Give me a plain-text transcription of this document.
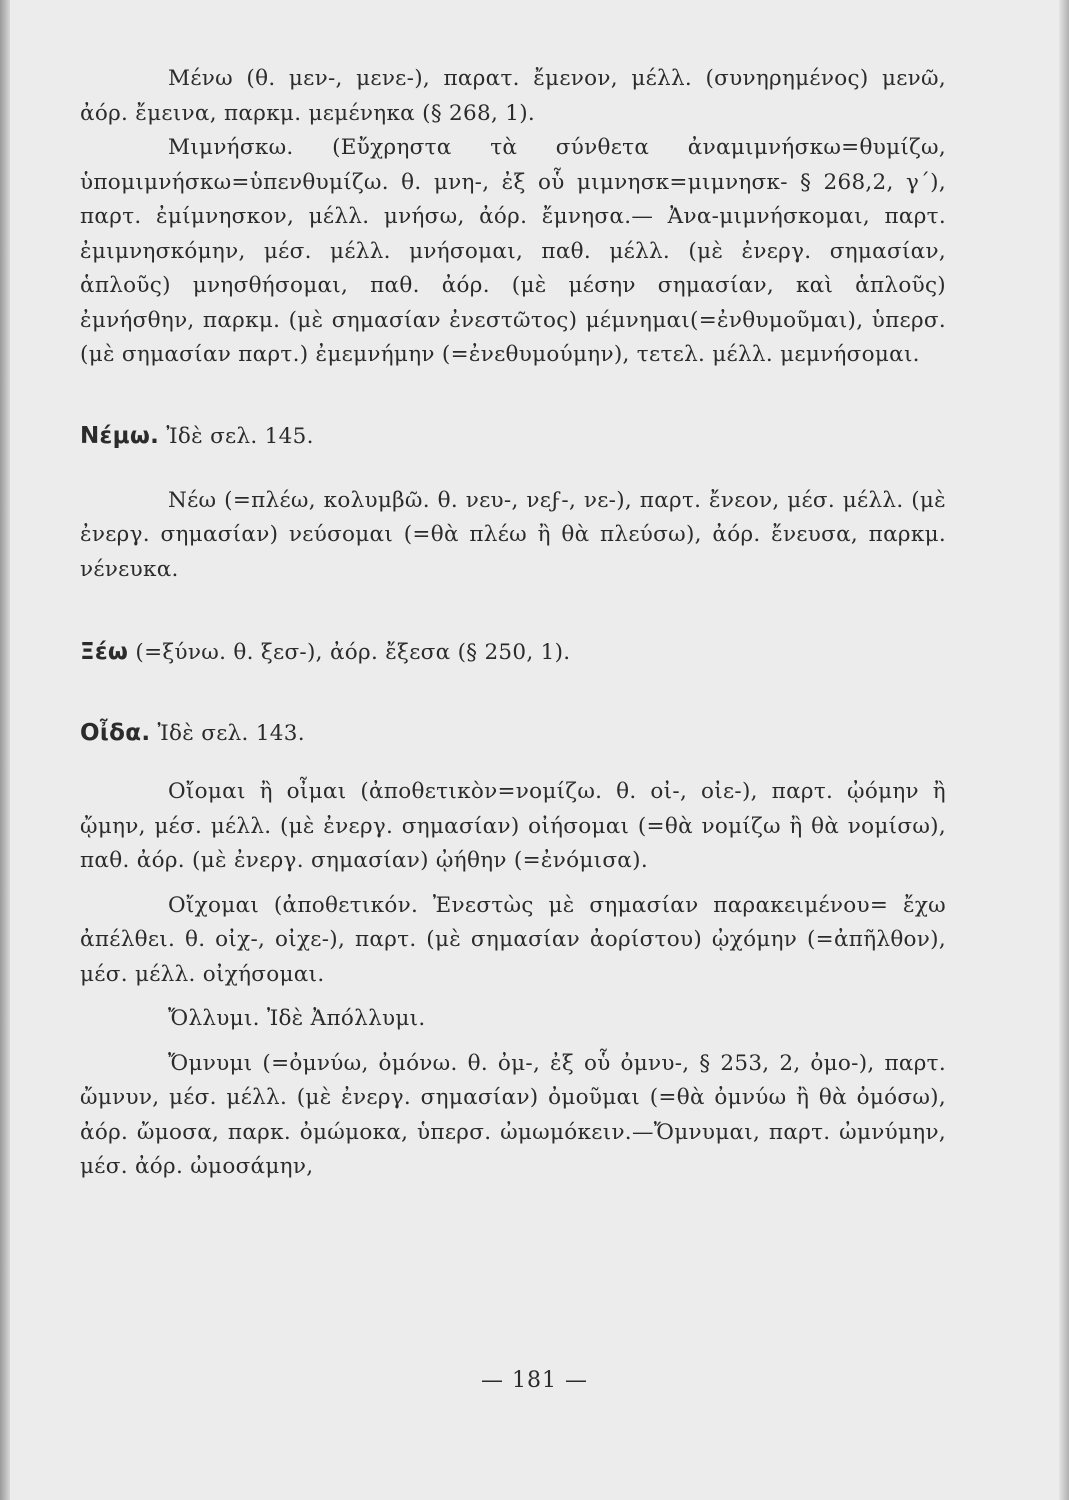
Μένω (θ. μεν-, μενε-), παρατ. ἔμενον, μέλλ. (συνηρημένος) μενῶ, ἀόρ. ἔμεινα, παρκμ. μεμένηκα (§ 268, 1).

Μιμνήσκω. (Εὔχρηστα τὰ σύνθετα ἀναμιμνήσκω=θυμίζω, ὑπομιμνήσκω=ὑπενθυμίζω. θ. μνη-, ἐξ οὗ μιμνησκ=μιμνησκ- § 268,2, γ΄), παρτ. ἐμίμνησκον, μέλλ. μνήσω, ἀόρ. ἔμνησα.— Ἀνα-μιμνήσκομαι, παρτ. ἐμιμνησκόμην, μέσ. μέλλ. μνήσομαι, παθ. μέλλ. (μὲ ἐνεργ. σημασίαν, ἁπλοῦς) μνησθήσομαι, παθ. ἀόρ. (μὲ μέσην σημασίαν, καὶ ἁπλοῦς) ἐμνήσθην, παρκμ. (μὲ σημασίαν ἐνεστῶτος) μέμνημαι(=ἐνθυμοῦμαι), ὑπερσ.(μὲ σημασίαν παρτ.) ἐμεμνήμην (=ἐνεθυμούμην), τετελ. μέλλ. μεμνήσομαι.

Νέμω. Ἰδὲ σελ. 145.

Νέω (=πλέω, κολυμβῶ. θ. νευ-, νεϝ-, νε-), παρτ. ἔνεον, μέσ. μέλλ. (μὲ ἐνεργ. σημασίαν) νεύσομαι (=θὰ πλέω ἢ θὰ πλεύσω), ἀόρ. ἔνευσα, παρκμ. νένευκα.

Ξέω (=ξύνω. θ. ξεσ-), ἀόρ. ἔξεσα (§ 250, 1).

Οἶδα. Ἰδὲ σελ. 143.

Οἴομαι ἢ οἶμαι (ἀποθετικὸν=νομίζω. θ. οἰ-, οἰε-), παρτ. ᾠόμην ἢ ᾤμην, μέσ. μέλλ. (μὲ ἐνεργ. σημασίαν) οἰήσομαι (=θὰ νομίζω ἢ θὰ νομίσω), παθ. ἀόρ. (μὲ ἐνεργ. σημασίαν) ᾠήθην (=ἐνόμισα).

Οἴχομαι (ἀποθετικόν. Ἐνεστὼς μὲ σημασίαν παρακειμένου= ἔχω ἀπέλθει. θ. οἰχ-, οἰχε-), παρτ. (μὲ σημασίαν ἀορίστου) ᾠχόμην (=ἀπῆλθον), μέσ. μέλλ. οἰχήσομαι.

Ὄλλυμι. Ἰδὲ Ἀπόλλυμι.

Ὄμνυμι (=ὀμνύω, ὀμόνω. θ. ὀμ-, ἐξ οὗ ὀμνυ-, § 253, 2, ὀμο-), παρτ. ὤμνυν, μέσ. μέλλ. (μὲ ἐνεργ. σημασίαν) ὀμοῦμαι (=θὰ ὀμνύω ἢ θὰ ὀμόσω), ἀόρ. ὤμοσα, παρκ. ὀμώμοκα, ὑπερσ. ὠμωμόκειν.—Ὄμνυμαι, παρτ. ὠμνύμην, μέσ. ἀόρ. ὠμοσάμην,

— 181 —
